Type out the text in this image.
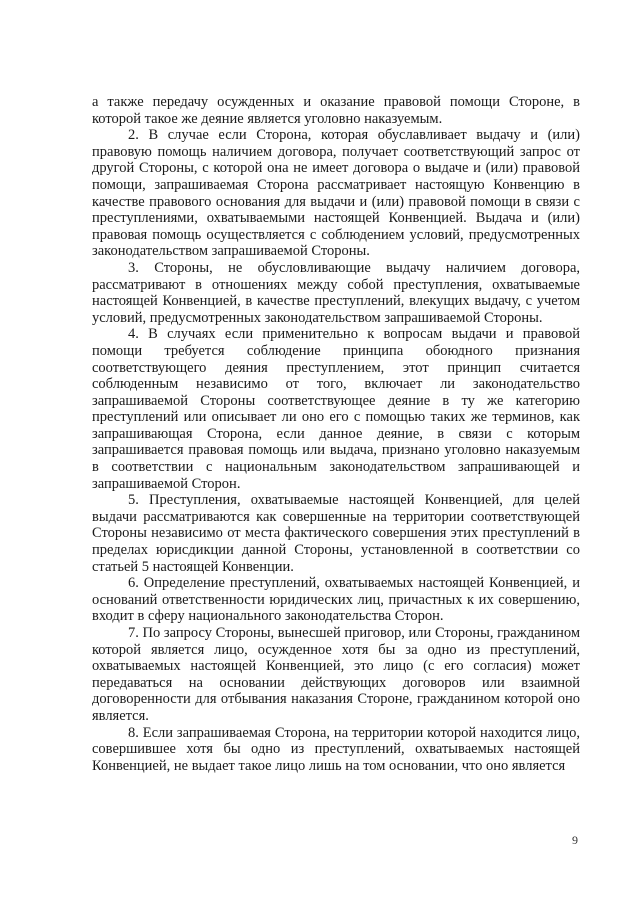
а также передачу осужденных и оказание правовой помощи Стороне, в которой такое же деяние является уголовно наказуемым.

2. В случае если Сторона, которая обуславливает выдачу и (или) правовую помощь наличием договора, получает соответствующий запрос от другой Стороны, с которой она не имеет договора о выдаче и (или) правовой помощи, запрашиваемая Сторона рассматривает настоящую Конвенцию в качестве правового основания для выдачи и (или) правовой помощи в связи с преступлениями, охватываемыми настоящей Конвенцией. Выдача и (или) правовая помощь осуществляется с соблюдением условий, предусмотренных законодательством запрашиваемой Стороны.

3. Стороны, не обусловливающие выдачу наличием договора, рассматривают в отношениях между собой преступления, охватываемые настоящей Конвенцией, в качестве преступлений, влекущих выдачу, с учетом условий, предусмотренных законодательством запрашиваемой Стороны.

4. В случаях если применительно к вопросам выдачи и правовой помощи требуется соблюдение принципа обоюдного признания соответствующего деяния преступлением, этот принцип считается соблюденным независимо от того, включает ли законодательство запрашиваемой Стороны соответствующее деяние в ту же категорию преступлений или описывает ли оно его с помощью таких же терминов, как запрашивающая Сторона, если данное деяние, в связи с которым запрашивается правовая помощь или выдача, признано уголовно наказуемым в соответствии с национальным законодательством запрашивающей и запрашиваемой Сторон.

5. Преступления, охватываемые настоящей Конвенцией, для целей выдачи рассматриваются как совершенные на территории соответствующей Стороны независимо от места фактического совершения этих преступлений в пределах юрисдикции данной Стороны, установленной в соответствии со статьей 5 настоящей Конвенции.

6. Определение преступлений, охватываемых настоящей Конвенцией, и оснований ответственности юридических лиц, причастных к их совершению, входит в сферу национального законодательства Сторон.

7. По запросу Стороны, вынесшей приговор, или Стороны, гражданином которой является лицо, осужденное хотя бы за одно из преступлений, охватываемых настоящей Конвенцией, это лицо (с его согласия) может передаваться на основании действующих договоров или взаимной договоренности для отбывания наказания Стороне, гражданином которой оно является.

8. Если запрашиваемая Сторона, на территории которой находится лицо, совершившее хотя бы одно из преступлений, охватываемых настоящей Конвенцией, не выдает такое лицо лишь на том основании, что оно является

9
